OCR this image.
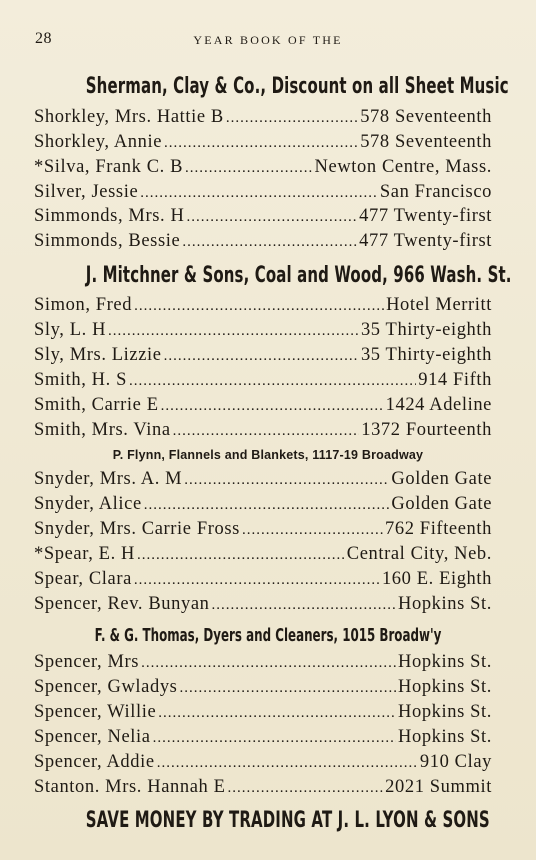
28	YEAR BOOK OF THE
Sherman, Clay & Co., Discount on all Sheet Music
Shorkley, Mrs. Hattie B .....	578 Seventeenth
Shorkley, Annie .....	578 Seventeenth
*Silva, Frank C. B .....	Newton Centre, Mass.
Silver, Jessie .....	San Francisco
Simmonds, Mrs. H .....	477 Twenty-first
Simmonds, Bessie .....	477 Twenty-first
J. Mitchner & Sons, Coal and Wood, 966 Wash. St.
Simon, Fred .....	Hotel Merritt
Sly, L. H .....	35 Thirty-eighth
Sly, Mrs. Lizzie .....	35 Thirty-eighth
Smith, H. S .....	914 Fifth
Smith, Carrie E .....	1424 Adeline
Smith, Mrs. Vina .....	1372 Fourteenth
P. Flynn, Flannels and Blankets, 1117-19 Broadway
Snyder, Mrs. A. M .....	Golden Gate
Snyder, Alice .....	Golden Gate
Snyder, Mrs. Carrie Fross .....	762 Fifteenth
*Spear, E. H .....	Central City, Neb.
Spear, Clara .....	160 E. Eighth
Spencer, Rev. Bunyan .....	Hopkins St.
F. & G. Thomas, Dyers and Cleaners, 1015 Broadw'y
Spencer, Mrs .....	Hopkins St.
Spencer, Gwladys .....	Hopkins St.
Spencer, Willie .....	Hopkins St.
Spencer, Nelia .....	Hopkins St.
Spencer, Addie .....	910 Clay
Stanton. Mrs. Hannah E .....	2021 Summit
SAVE MONEY BY TRADING AT J. L. LYON & SONS
